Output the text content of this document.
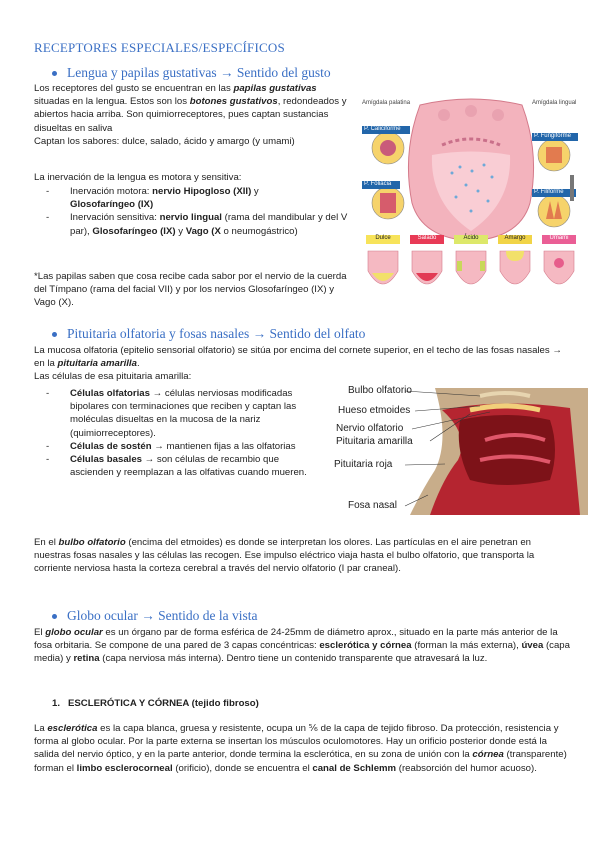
RECEPTORES ESPECIALES/ESPECÍFICOS
Lengua y papilas gustativas → Sentido del gusto
Los receptores del gusto se encuentran en las papilas gustativas situadas en la lengua. Estos son los botones gustativos, redondeados y abiertos hacia arriba. Son quimiorreceptores, pues captan sustancias disueltas en saliva
Captan los sabores: dulce, salado, ácido y amargo (y umami)
La inervación de la lengua es motora y sensitiva:
- Inervación motora: nervio Hipogloso (XII) y
Glosofaríngeo (IX)
- Inervación sensitiva: nervio lingual (rama del mandibular y del V par), Glosofaríngeo (IX) y Vago (X o neumogástrico)
*Las papilas saben que cosa recibe cada sabor por el nervio de la cuerda del Tímpano (rama del facial VII) y por los nervios Glosofaríngeo (IX) y Vago (X).
Amígdala palatina	Amígdala lingual
P. Caliciforme
P. Fungiforme
P. Foliacia
P. Filiforme
Dulce	Salado	Ácido	Amargo	Umami
Pituitaria olfatoria y fosas nasales → Sentido del olfato
La mucosa olfatoria (epitelio sensorial olfatorio) se sitúa por encima del cornete superior, en el techo de las fosas nasales → en la pituitaria amarilla.
Las células de esa pituitaria amarilla:
- Células olfatorias → células nerviosas modificadas bipolares con terminaciones que reciben y captan las moléculas disueltas en la mucosa de la nariz (quimiorreceptores).
- Células de sostén → mantienen fijas a las olfatorias
- Células basales → son células de recambio que ascienden y reemplazan a las olfativas cuando mueren.
Bulbo olfatorio
Hueso etmoides
Nervio olfatorio
Pituitaria amarilla
Pituitaria roja
Fosa nasal
En el bulbo olfatorio (encima del etmoides) es donde se interpretan los olores. Las partículas en el aire penetran en nuestras fosas nasales y las células las recogen. Ese impulso eléctrico viaja hasta el bulbo olfatorio, que transporta la corriente nerviosa hasta la corteza cerebral a través del nervio olfatorio (I par craneal).
Globo ocular → Sentido de la vista
El globo ocular es un órgano par de forma esférica de 24-25mm de diámetro aprox., situado en la parte más anterior de la fosa orbitaria. Se compone de una pared de 3 capas concéntricas: esclerótica y córnea (forman la más externa), úvea (capa media) y retina (capa nerviosa más interna). Dentro tiene un contenido transparente que atravesará la luz.
1. ESCLERÓTICA Y CÓRNEA (tejido fibroso)
La esclerótica es la capa blanca, gruesa y resistente, ocupa un ⅚ de la capa de tejido fibroso. Da protección, resistencia y forma al globo ocular. Por la parte externa se insertan los músculos oculomotores. Hay un orificio posterior donde está la salida del nervio óptico, y en la parte anterior, donde termina la esclerótica, en su zona de unión con la córnea (transparente) forman el limbo esclerocorneal (orificio), donde se encuentra el canal de Schlemm (reabsorción del humor acuoso).
